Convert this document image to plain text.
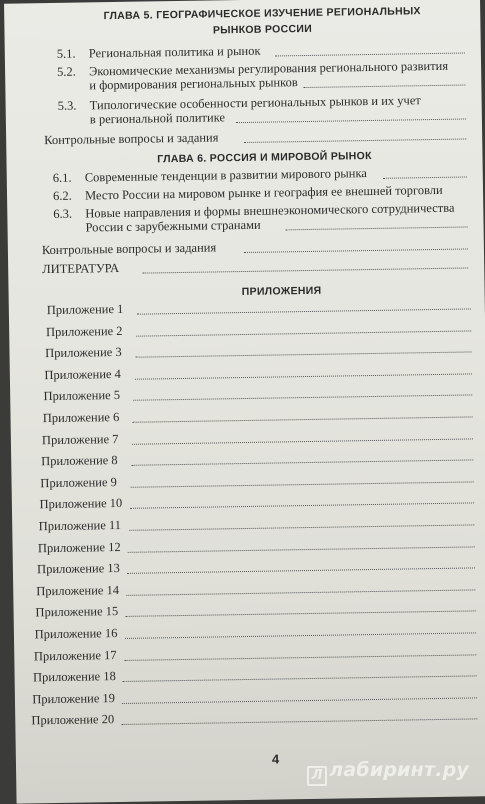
ГЛАВА 5. ГЕОГРАФИЧЕСКОЕ ИЗУЧЕНИЕ РЕГИОНАЛЬНЫХ
РЫНКОВ РОССИИ
5.1. Региональная политика и рынок
5.2. Экономические механизмы регулирования регионального развития
и формирования региональных рынков
5.3. Типологические особенности региональных рынков и их учет
в региональной политике
Контрольные вопросы и задания
ГЛАВА 6. РОССИЯ И МИРОВОЙ РЫНОК
6.1. Современные тенденции в развитии мирового рынка
6.2. Место России на мировом рынке и география ее внешней торговли
6.3. Новые направления и формы внешнеэкономического сотрудничества
России с зарубежными странами
Контрольные вопросы и задания
ЛИТЕРАТУРА
ПРИЛОЖЕНИЯ
Приложение 1
Приложение 2
Приложение 3
Приложение 4
Приложение 5
Приложение 6
Приложение 7
Приложение 8
Приложение 9
Приложение 10
Приложение 11
Приложение 12
Приложение 13
Приложение 14
Приложение 15
Приложение 16
Приложение 17
Приложение 18
Приложение 19
Приложение 20
4
Л лабиринт.ру
